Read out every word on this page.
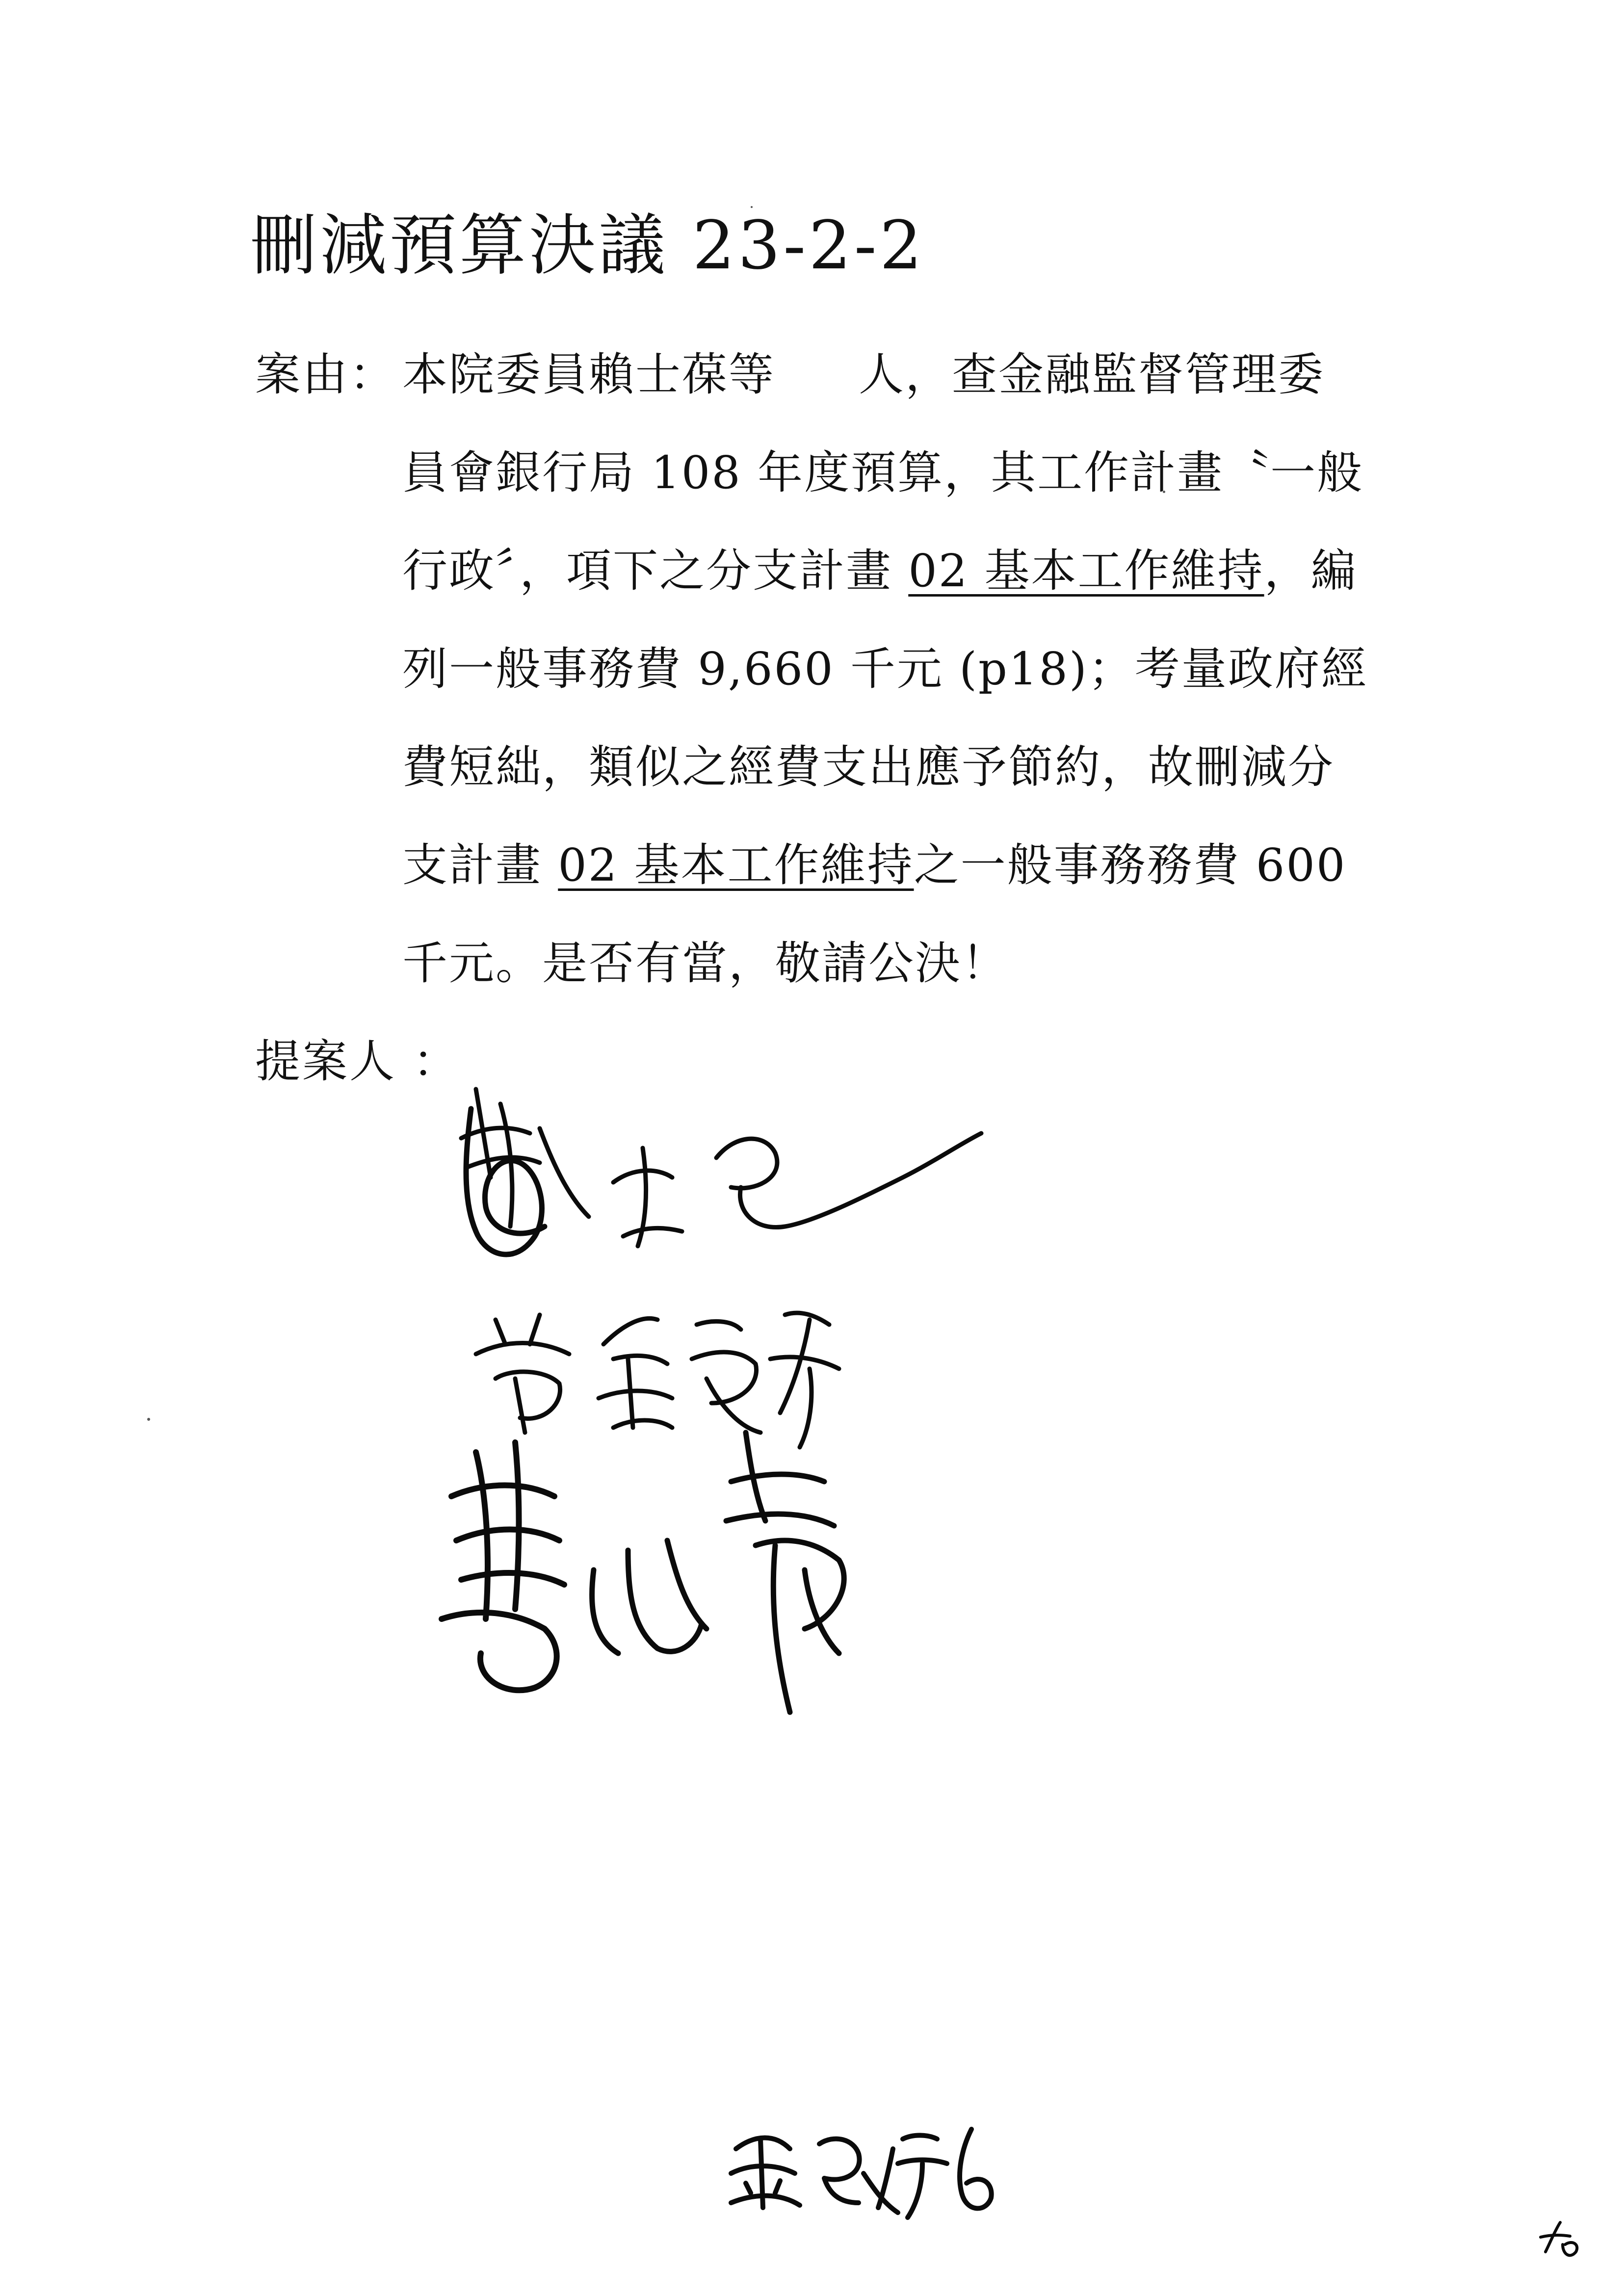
刪減預算決議 23-2-2
案由： 本院委員賴士葆等 人，查金融監督管理委
員會銀行局 108 年度預算，其工作計畫〝一般
行政〞，項下之分支計畫 02 基本工作維持，編
列一般事務費 9,660 千元 (p18)；考量政府經
費短絀，類似之經費支出應予節約，故刪減分
支計畫 02 基本工作維持之一般事務務費 600
千元。是否有當，敬請公決！
提案人 ：
